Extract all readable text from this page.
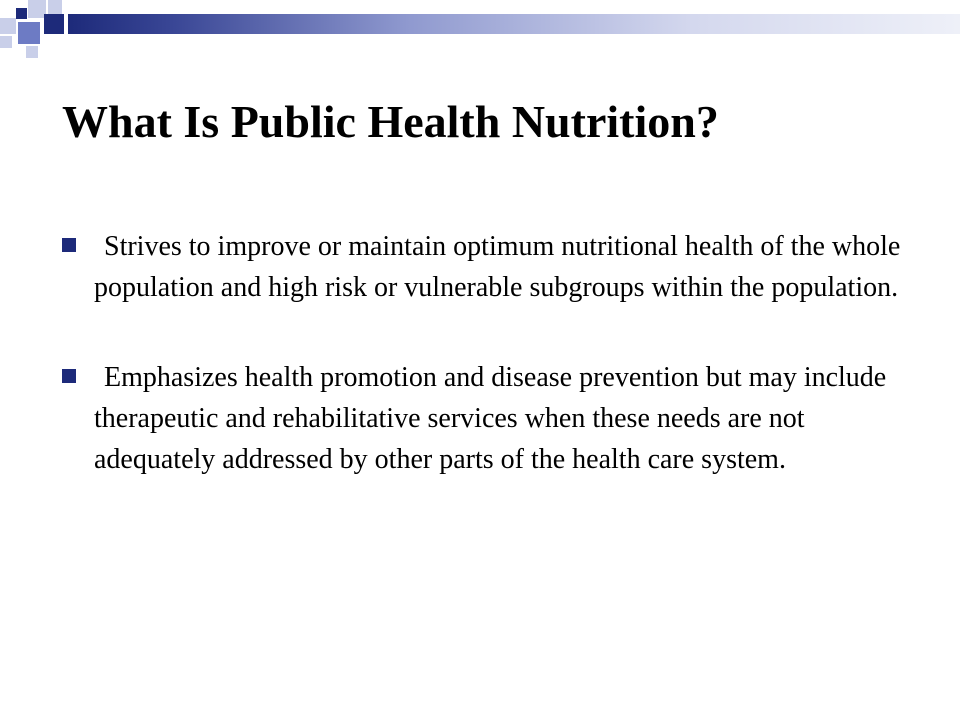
What Is Public Health Nutrition?
Strives to improve or maintain optimum nutritional health of the whole population and high risk or vulnerable subgroups within the population.
Emphasizes health promotion and disease prevention but may include therapeutic and rehabilitative services when these needs are not adequately addressed by other parts of the health care system.
